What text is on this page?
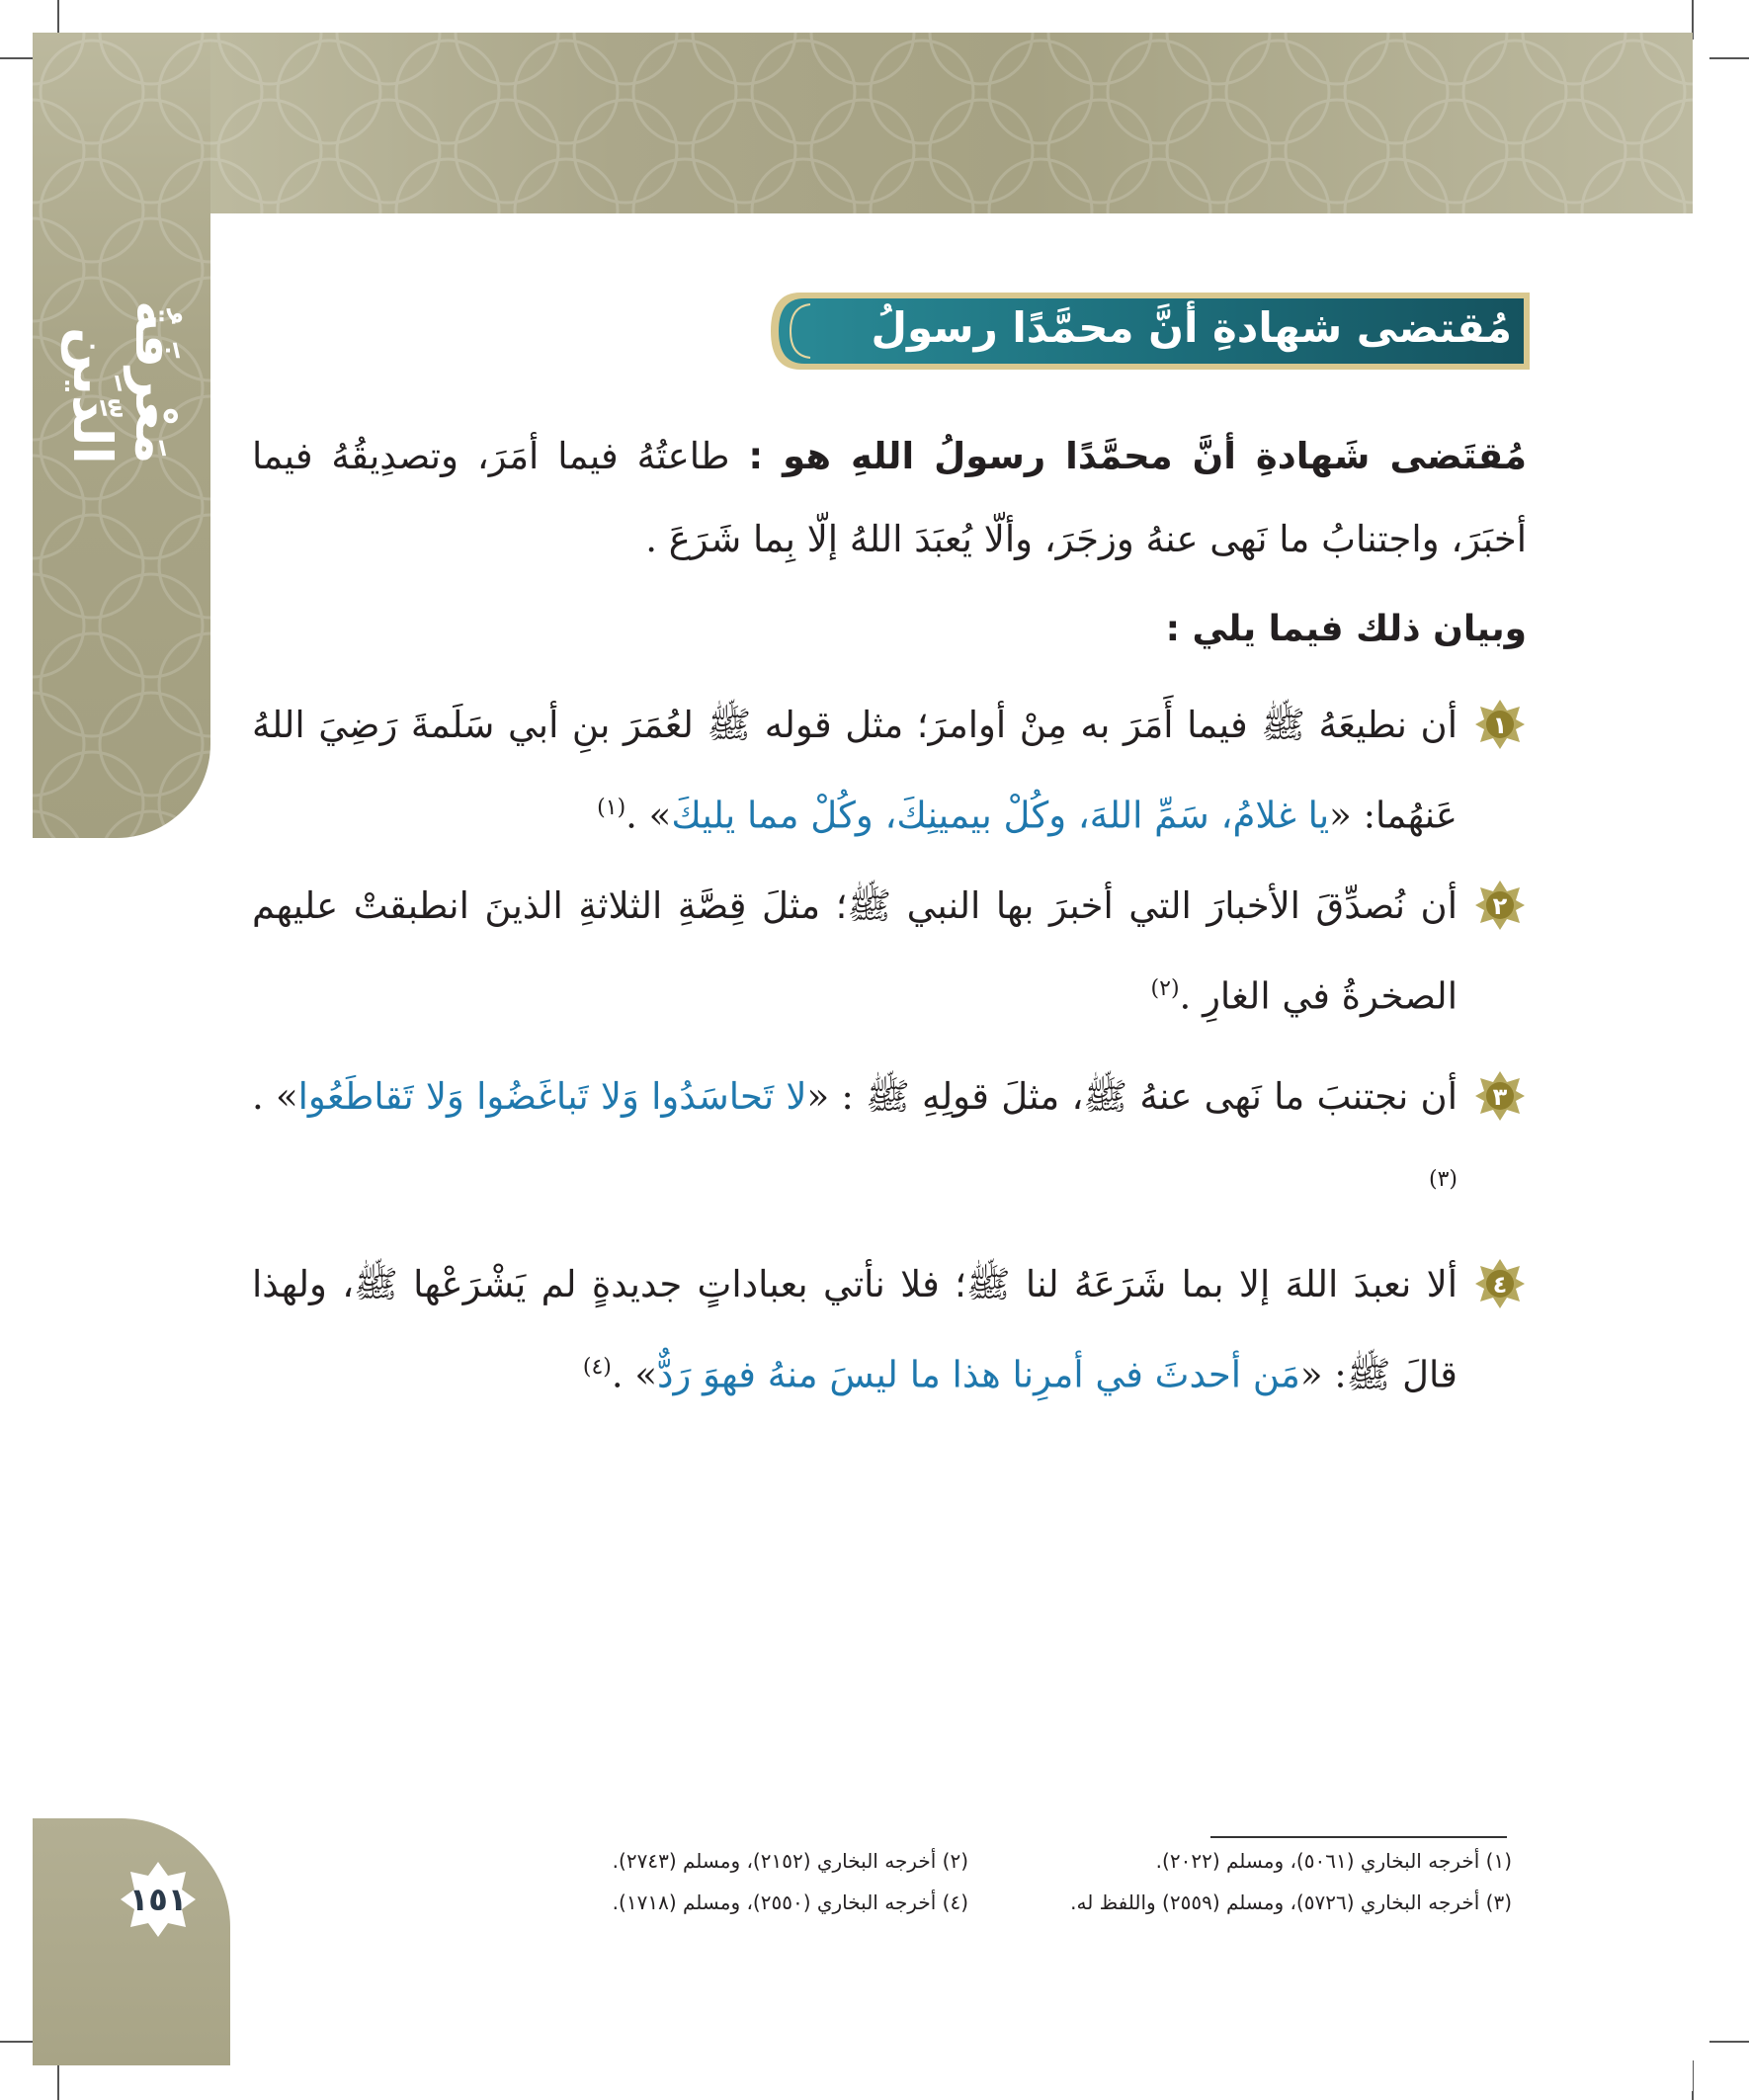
مَعْرِفَةُ الدِّين	مُقتضى شهادةِ أنَّ محمَّدًا رسولُ اللهِ
مُقتَضى شَهادةِ أنَّ محمَّدًا رسولُ اللهِ هو : طاعتُهُ فيما أمَرَ، وتصدِيقُهُ فيما أخبَرَ، واجتنابُ ما نَهى عنهُ وزجَرَ، وألّا يُعبَدَ اللهُ إلّا بِما شَرَعَ .
وبيان ذلك فيما يلي :
١
أن نطيعَهُ ﷺ فيما أَمَرَ به مِنْ أوامرَ؛ مثل قوله ﷺ لعُمَرَ بنِ أبي سَلَمةَ رَضِيَ اللهُ عَنهُما: «يا غلامُ، سَمِّ اللهَ، وكُلْ بيمينِكَ، وكُلْ مما يليكَ» .$^{(١)}$
٢
أن نُصدِّقَ الأخبارَ التي أخبرَ بها النبي ﷺ؛ مثلَ قِصَّةِ الثلاثةِ الذينَ انطبقتْ عليهم الصخرةُ في الغارِ .$^{(٢)}$
٣
أن نجتنبَ ما نَهى عنهُ ﷺ، مثلَ قولِهِ ﷺ : «لا تَحاسَدُوا وَلا تَباغَضُوا وَلا تَقاطَعُوا» .$^{(٣)}$
٤
ألا نعبدَ اللهَ إلا بما شَرَعَهُ لنا ﷺ؛ فلا نأتي بعباداتٍ جديدةٍ لم يَشْرَعْها ﷺ، ولهذا قالَ ﷺ: «مَن أحدثَ في أمرِنا هذا ما ليسَ منهُ فهوَ رَدٌّ» .$^{(٤)}$
(١) أخرجه البخاري (٥٠٦١)، ومسلم (٢٠٢٢).
(٢) أخرجه البخاري (٢١٥٢)، ومسلم (٢٧٤٣).
(٣) أخرجه البخاري (٥٧٢٦)، ومسلم (٢٥٥٩) واللفظ له.
(٤) أخرجه البخاري (٢٥٥٠)، ومسلم (١٧١٨).
١٥١
